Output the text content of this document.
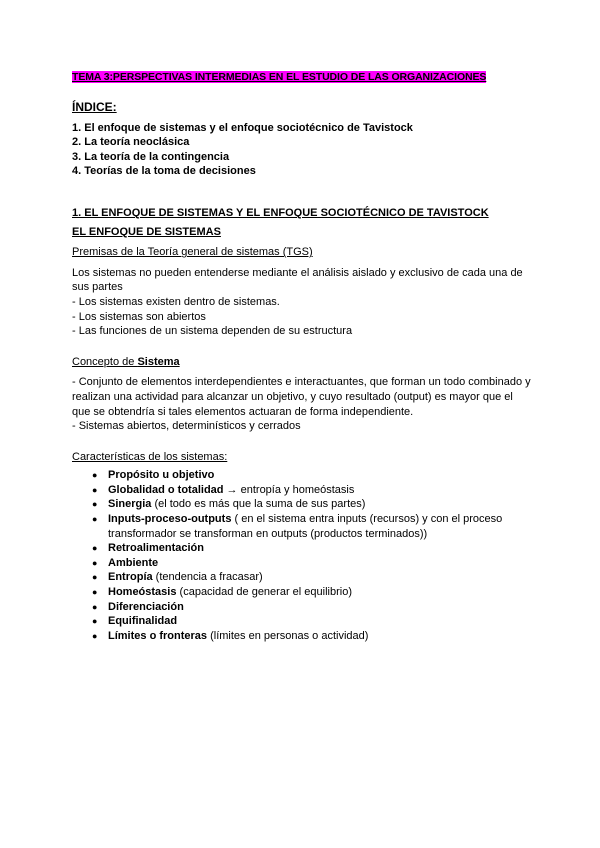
TEMA 3:PERSPECTIVAS INTERMEDIAS EN EL ESTUDIO DE LAS ORGANIZACIONES

ÍNDICE:
1. El enfoque de sistemas y el enfoque sociotécnico de Tavistock
2. La teoría neoclásica
3. La teoría de la contingencia
4. Teorías de la toma de decisiones
1. EL ENFOQUE DE SISTEMAS Y EL ENFOQUE SOCIOTÉCNICO DE TAVISTOCK
EL ENFOQUE DE SISTEMAS

Premisas de la Teoría general de sistemas (TGS)

Los sistemas no pueden entenderse mediante el análisis aislado y exclusivo de cada una de sus partes

- Los sistemas existen dentro de sistemas.

- Los sistemas son abiertos

- Las funciones de un sistema dependen de su estructura

Concepto de Sistema

- Conjunto de elementos interdependientes e interactuantes, que forman un todo combinado y realizan una actividad para alcanzar un objetivo, y cuyo resultado (output) es mayor que el que se obtendría si tales elementos actuaran de forma independiente.

- Sistemas abiertos, determinísticos y cerrados

Características de los sistemas:

● Propósito u objetivo
● Globalidad o totalidad → entropía y homeóstasis
● Sinergia (el todo es más que la suma de sus partes)
● Inputs-proceso-outputs ( en el sistema entra inputs (recursos) y con el proceso transformador se transforman en outputs (productos terminados))
● Retroalimentación
● Ambiente
● Entropía (tendencia a fracasar)
● Homeóstasis (capacidad de generar el equilibrio)
● Diferenciación
● Equifinalidad
● Límites o fronteras (límites en personas o actividad)
